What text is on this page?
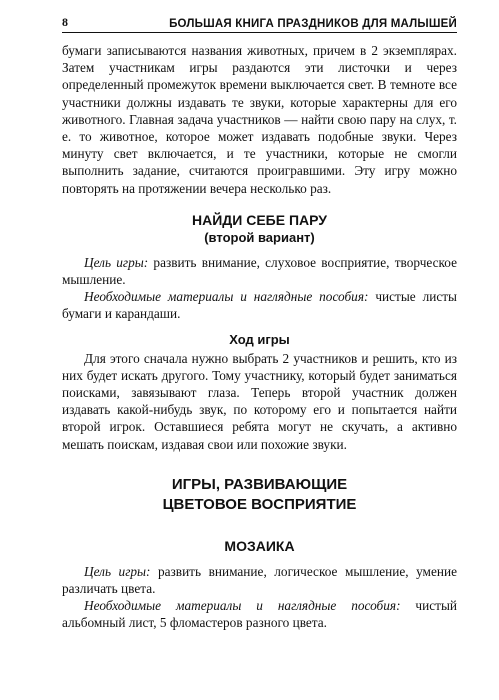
8	БОЛЬШАЯ КНИГА ПРАЗДНИКОВ ДЛЯ МАЛЫШЕЙ

бумаги записываются названия животных, причем в 2 экземплярах. Затем участникам игры раздаются эти листочки и через определенный промежуток времени выключается свет. В темноте все участники должны издавать те звуки, которые характерны для его животного. Главная задача участников — найти свою пару на слух, т. е. то животное, которое может издавать подобные звуки. Через минуту свет включается, и те участники, которые не смогли выполнить задание, считаются проигравшими. Эту игру можно повторять на протяжении вечера несколько раз.

НАЙДИ СЕБЕ ПАРУ
(второй вариант)

Цель игры: развить внимание, слуховое восприятие, творческое мышление.

Необходимые материалы и наглядные пособия: чистые листы бумаги и карандаши.

Ход игры

Для этого сначала нужно выбрать 2 участников и решить, кто из них будет искать другого. Тому участнику, который будет заниматься поисками, завязывают глаза. Теперь второй участник должен издавать какой-нибудь звук, по которому его и попытается найти второй игрок. Оставшиеся ребята могут не скучать, а активно мешать поискам, издавая свои или похожие звуки.

ИГРЫ, РАЗВИВАЮЩИЕ
ЦВЕТОВОЕ ВОСПРИЯТИЕ
МОЗАИКА

Цель игры: развить внимание, логическое мышление, умение различать цвета.

Необходимые материалы и наглядные пособия: чистый альбомный лист, 5 фломастеров разного цвета.
